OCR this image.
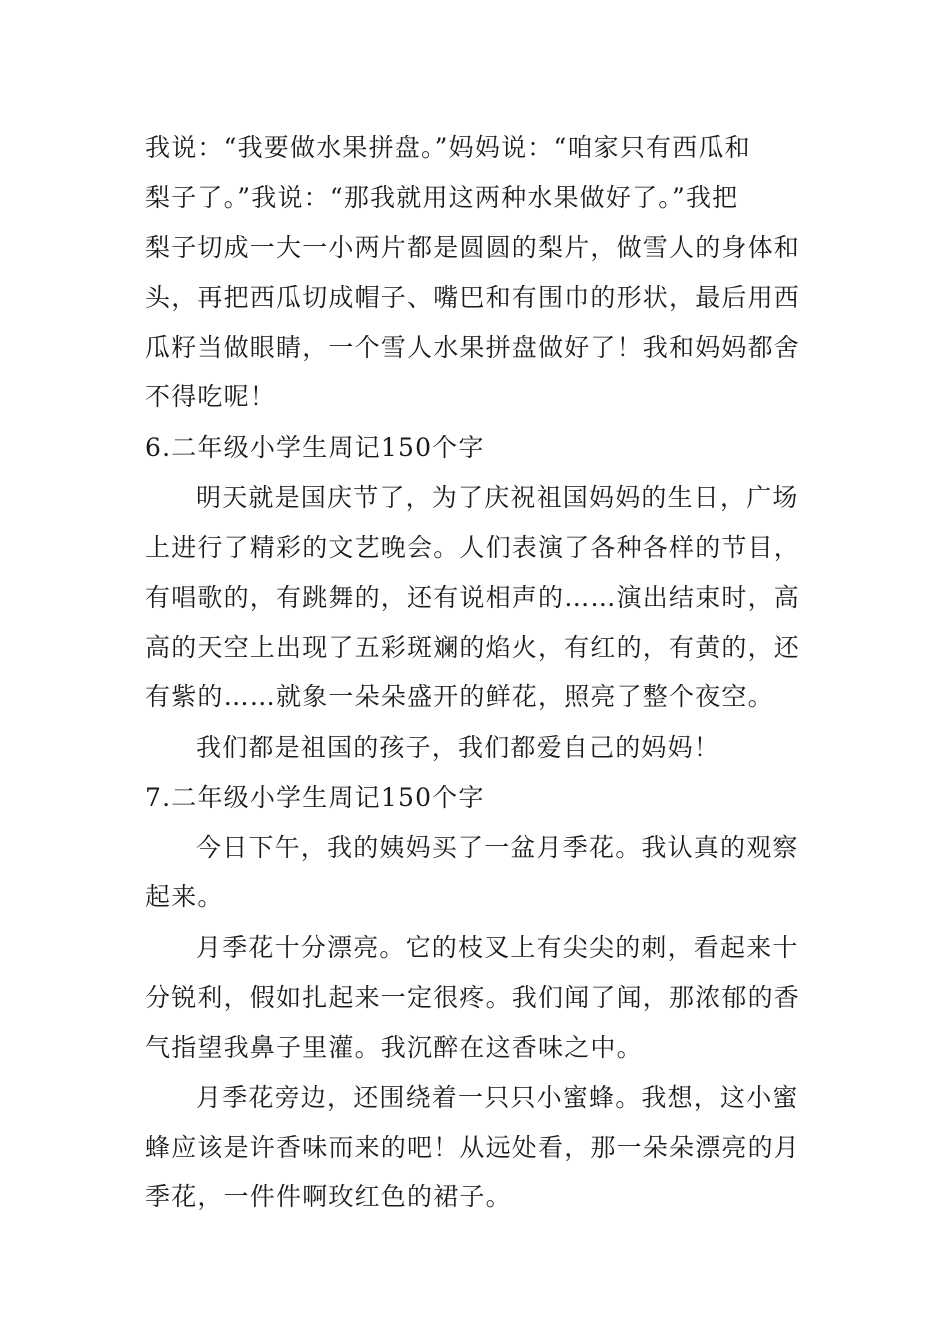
我说：“我要做水果拼盘。”妈妈说：“咱家只有西瓜和
梨子了。”我说：“那我就用这两种水果做好了。”我把
梨子切成一大一小两片都是圆圆的梨片，做雪人的身体和
头，再把西瓜切成帽子、嘴巴和有围巾的形状，最后用西
瓜籽当做眼睛，一个雪人水果拼盘做好了！我和妈妈都舍
不得吃呢！
6.二年级小学生周记150个字
明天就是国庆节了，为了庆祝祖国妈妈的生日，广场
上进行了精彩的文艺晚会。人们表演了各种各样的节目，
有唱歌的，有跳舞的，还有说相声的……演出结束时，高
高的天空上出现了五彩斑斓的焰火，有红的，有黄的，还
有紫的……就象一朵朵盛开的鲜花，照亮了整个夜空。
我们都是祖国的孩子，我们都爱自己的妈妈！
7.二年级小学生周记150个字
今日下午，我的姨妈买了一盆月季花。我认真的观察
起来。
月季花十分漂亮。它的枝叉上有尖尖的刺，看起来十
分锐利，假如扎起来一定很疼。我们闻了闻，那浓郁的香
气指望我鼻子里灌。我沉醉在这香味之中。
月季花旁边，还围绕着一只只小蜜蜂。我想，这小蜜
蜂应该是许香味而来的吧！从远处看，那一朵朵漂亮的月
季花，一件件啊玫红色的裙子。
